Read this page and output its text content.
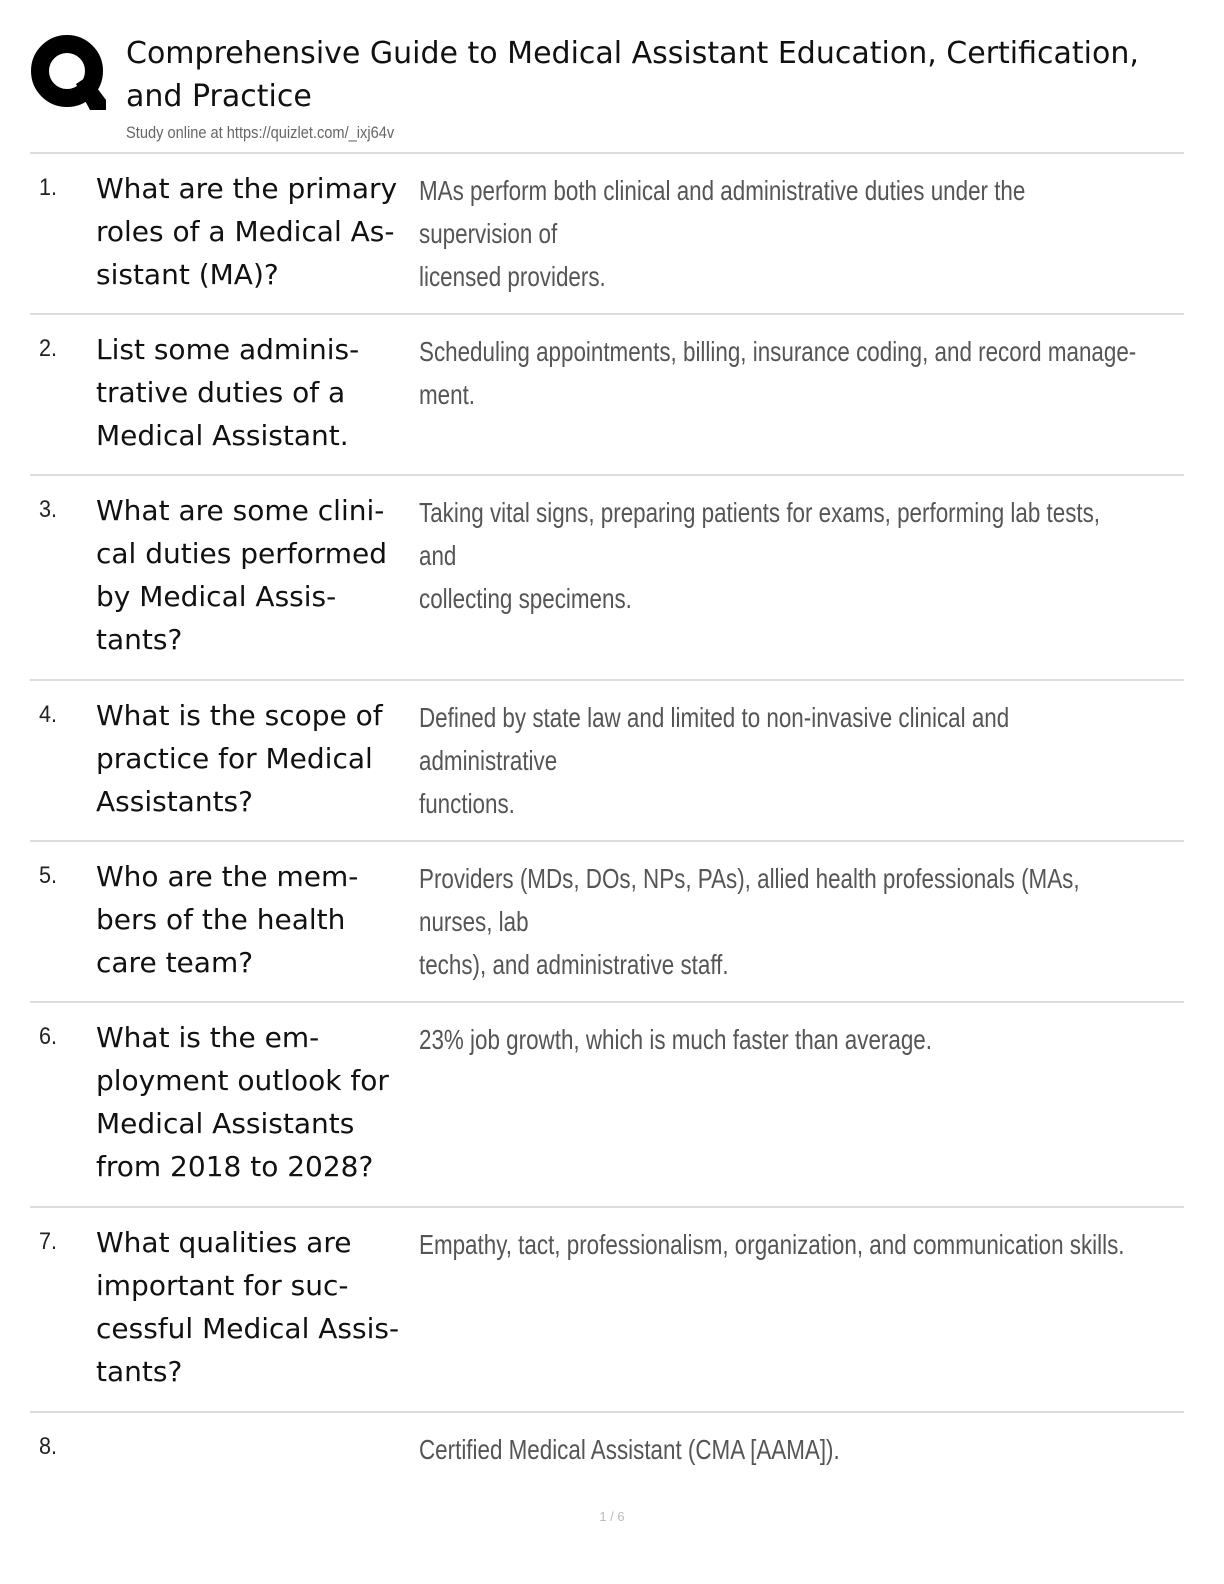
Comprehensive Guide to Medical Assistant Education, Certification, and Practice
Study online at https://quizlet.com/_ixj64v
1. What are the primary
roles of a Medical As-
sistant (MA)?
MAs perform both clinical and administrative duties under the supervision of
licensed providers.
2. List some adminis-
trative duties of a
Medical Assistant.
Scheduling appointments, billing, insurance coding, and record manage-
ment.
3. What are some clini-
cal duties performed
by Medical Assis-
tants?
Taking vital signs, preparing patients for exams, performing lab tests, and
collecting specimens.
4. What is the scope of
practice for Medical
Assistants?
Defined by state law and limited to non-invasive clinical and administrative
functions.
5. Who are the mem-
bers of the health
care team?
Providers (MDs, DOs, NPs, PAs), allied health professionals (MAs, nurses, lab
techs), and administrative staff.
6. What is the em-
ployment outlook for
Medical Assistants
from 2018 to 2028?
23% job growth, which is much faster than average.
7. What qualities are
important for suc-
cessful Medical Assis-
tants?
Empathy, tact, professionalism, organization, and communication skills.
8.	Certified Medical Assistant (CMA [AAMA]).
1 / 6
